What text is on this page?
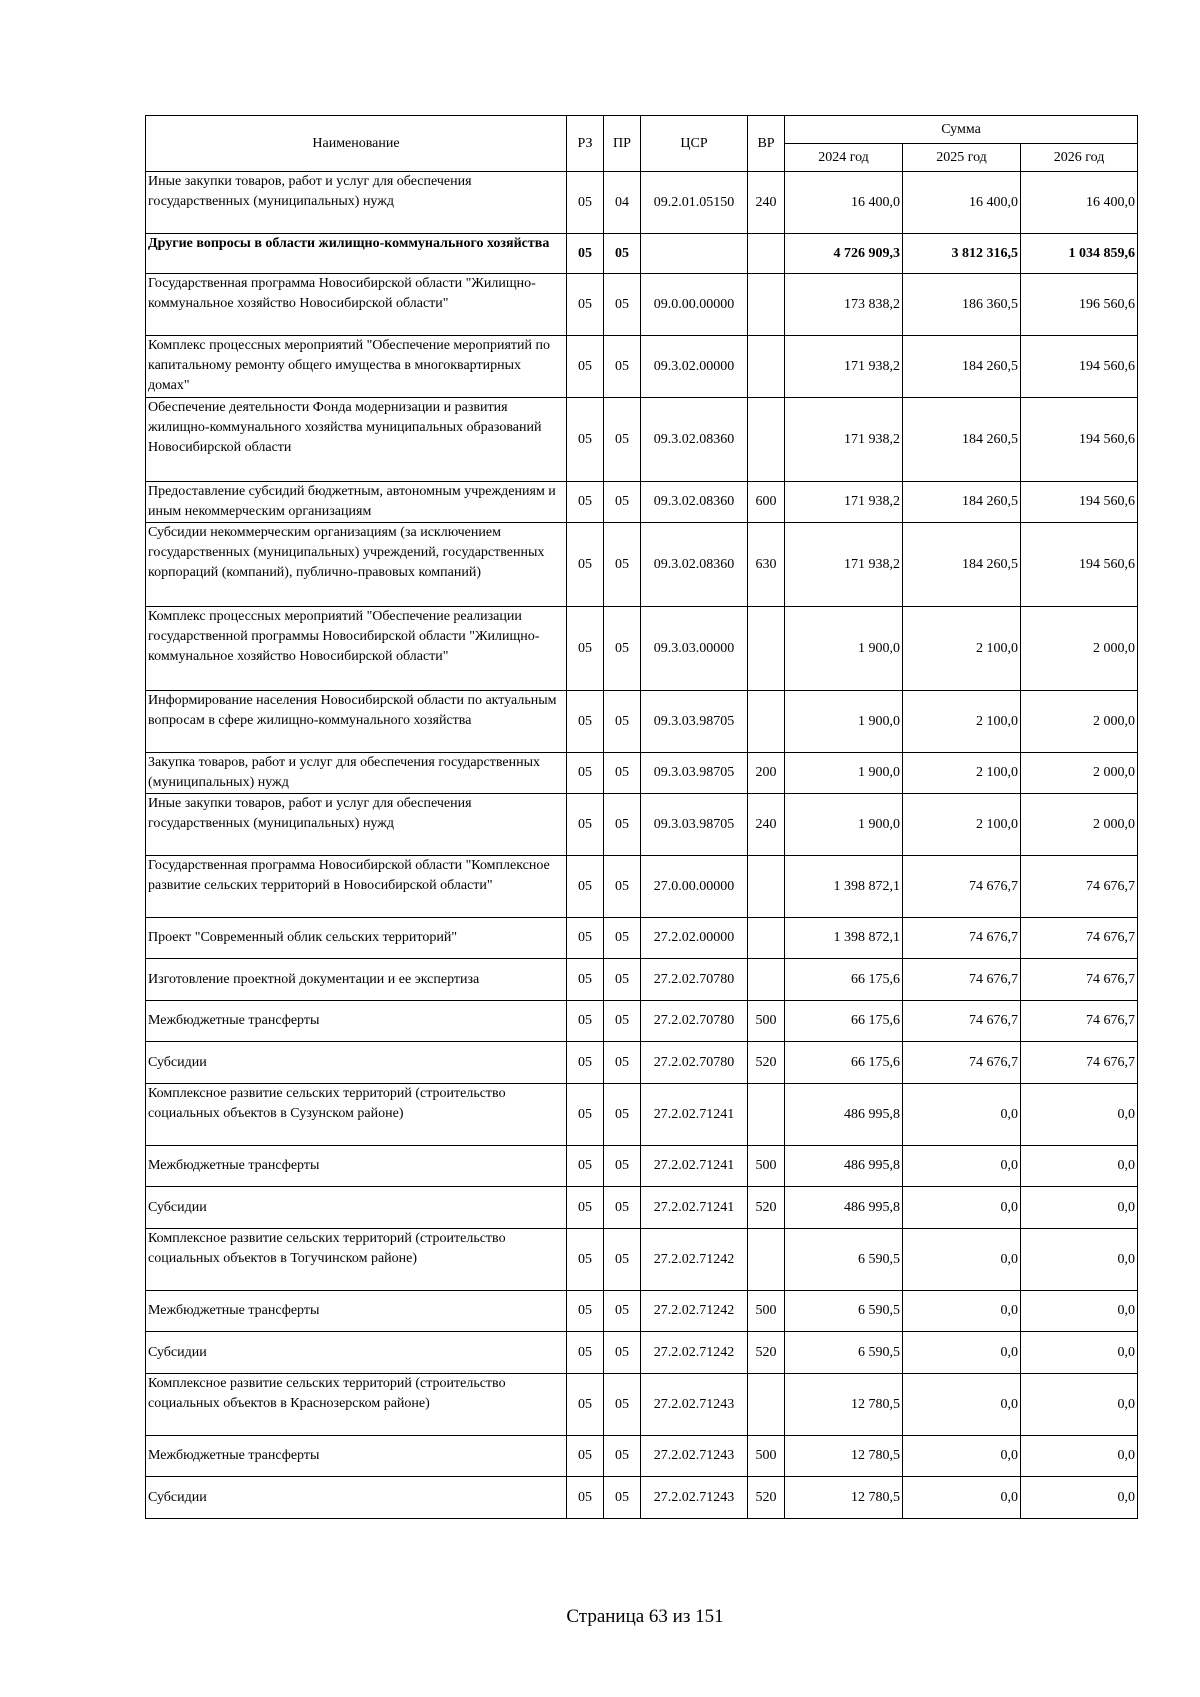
Наименование	РЗ	ПР	ЦСР	ВР	Сумма		
					2024 год	2025 год	2026 год
Иные закупки товаров, работ и услуг для обеспечения государственных (муниципальных) нужд	05	04	09.2.01.05150	240	16 400,0	16 400,0	16 400,0
Другие вопросы в области жилищно-коммунального хозяйства	05	05			4 726 909,3	3 812 316,5	1 034 859,6
Государственная программа Новосибирской области "Жилищно-коммунальное хозяйство Новосибирской области"	05	05	09.0.00.00000		173 838,2	186 360,5	196 560,6
Комплекс процессных мероприятий "Обеспечение мероприятий по капитальному ремонту общего имущества в многоквартирных домах"	05	05	09.3.02.00000		171 938,2	184 260,5	194 560,6
Обеспечение деятельности Фонда модернизации и развития жилищно-коммунального хозяйства муниципальных образований Новосибирской области	05	05	09.3.02.08360		171 938,2	184 260,5	194 560,6
Предоставление субсидий бюджетным, автономным учреждениям и иным некоммерческим организациям	05	05	09.3.02.08360	600	171 938,2	184 260,5	194 560,6
Субсидии некоммерческим организациям (за исключением государственных (муниципальных) учреждений, государственных корпораций (компаний), публично-правовых компаний)	05	05	09.3.02.08360	630	171 938,2	184 260,5	194 560,6
Комплекс процессных мероприятий "Обеспечение реализации государственной программы Новосибирской области "Жилищно-коммунальное хозяйство Новосибирской области"	05	05	09.3.03.00000		1 900,0	2 100,0	2 000,0
Информирование населения Новосибирской области по актуальным вопросам в сфере жилищно-коммунального хозяйства	05	05	09.3.03.98705		1 900,0	2 100,0	2 000,0
Закупка товаров, работ и услуг для обеспечения государственных (муниципальных) нужд	05	05	09.3.03.98705	200	1 900,0	2 100,0	2 000,0
Иные закупки товаров, работ и услуг для обеспечения государственных (муниципальных) нужд	05	05	09.3.03.98705	240	1 900,0	2 100,0	2 000,0
Государственная программа Новосибирской области "Комплексное развитие сельских территорий в Новосибирской области"	05	05	27.0.00.00000		1 398 872,1	74 676,7	74 676,7
Проект "Современный облик сельских территорий"	05	05	27.2.02.00000		1 398 872,1	74 676,7	74 676,7
Изготовление проектной документации и ее экспертиза	05	05	27.2.02.70780		66 175,6	74 676,7	74 676,7
Межбюджетные трансферты	05	05	27.2.02.70780	500	66 175,6	74 676,7	74 676,7
Субсидии	05	05	27.2.02.70780	520	66 175,6	74 676,7	74 676,7
Комплексное развитие сельских территорий (строительство социальных объектов в Сузунском районе)	05	05	27.2.02.71241		486 995,8	0,0	0,0
Межбюджетные трансферты	05	05	27.2.02.71241	500	486 995,8	0,0	0,0
Субсидии	05	05	27.2.02.71241	520	486 995,8	0,0	0,0
Комплексное развитие сельских территорий (строительство социальных объектов в Тогучинском районе)	05	05	27.2.02.71242		6 590,5	0,0	0,0
Межбюджетные трансферты	05	05	27.2.02.71242	500	6 590,5	0,0	0,0
Субсидии	05	05	27.2.02.71242	520	6 590,5	0,0	0,0
Комплексное развитие сельских территорий (строительство социальных объектов в Краснозерском районе)	05	05	27.2.02.71243		12 780,5	0,0	0,0
Межбюджетные трансферты	05	05	27.2.02.71243	500	12 780,5	0,0	0,0
Субсидии	05	05	27.2.02.71243	520	12 780,5	0,0	0,0
Страница 63 из 151
